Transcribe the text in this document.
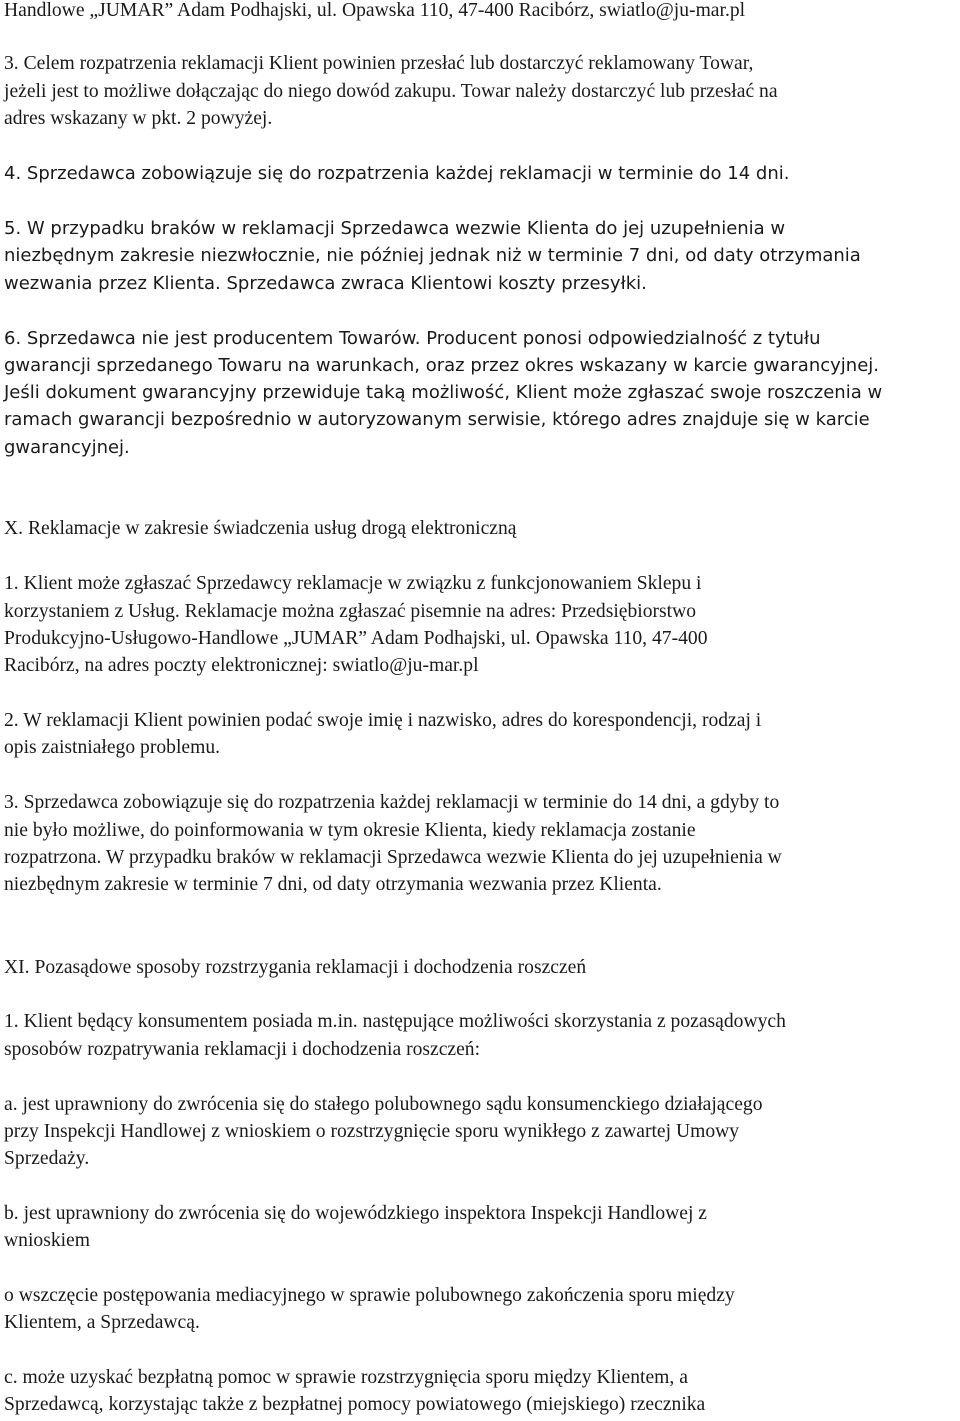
Handlowe „JUMAR” Adam Podhajski, ul. Opawska 110, 47-400 Racibórz, swiatlo@ju-mar.pl
3. Celem rozpatrzenia reklamacji Klient powinien przesłać lub dostarczyć reklamowany Towar,
jeżeli jest to możliwe dołączając do niego dowód zakupu. Towar należy dostarczyć lub przesłać na
adres wskazany w pkt. 2 powyżej.
4. Sprzedawca zobowiązuje się do rozpatrzenia każdej reklamacji w terminie do 14 dni.
5. W przypadku braków w reklamacji Sprzedawca wezwie Klienta do jej uzupełnienia w
niezbędnym zakresie niezwłocznie, nie później jednak niż w terminie 7 dni, od daty otrzymania
wezwania przez Klienta. Sprzedawca zwraca Klientowi koszty przesyłki.
6. Sprzedawca nie jest producentem Towarów. Producent ponosi odpowiedzialność z tytułu
gwarancji sprzedanego Towaru na warunkach, oraz przez okres wskazany w karcie gwarancyjnej.
Jeśli dokument gwarancyjny przewiduje taką możliwość, Klient może zgłaszać swoje roszczenia w
ramach gwarancji bezpośrednio w autoryzowanym serwisie, którego adres znajduje się w karcie
gwarancyjnej.
X. Reklamacje w zakresie świadczenia usług drogą elektroniczną
1. Klient może zgłaszać Sprzedawcy reklamacje w związku z funkcjonowaniem Sklepu i
korzystaniem z Usług. Reklamacje można zgłaszać pisemnie na adres: Przedsiębiorstwo
Produkcyjno-Usługowo-Handlowe „JUMAR” Adam Podhajski, ul. Opawska 110, 47-400
Racibórz, na adres poczty elektronicznej: swiatlo@ju-mar.pl
2. W reklamacji Klient powinien podać swoje imię i nazwisko, adres do korespondencji, rodzaj i
opis zaistniałego problemu.
3. Sprzedawca zobowiązuje się do rozpatrzenia każdej reklamacji w terminie do 14 dni, a gdyby to
nie było możliwe, do poinformowania w tym okresie Klienta, kiedy reklamacja zostanie
rozpatrzona. W przypadku braków w reklamacji Sprzedawca wezwie Klienta do jej uzupełnienia w
niezbędnym zakresie w terminie 7 dni, od daty otrzymania wezwania przez Klienta.
XI. Pozasądowe sposoby rozstrzygania reklamacji i dochodzenia roszczeń
1. Klient będący konsumentem posiada m.in. następujące możliwości skorzystania z pozasądowych
sposobów rozpatrywania reklamacji i dochodzenia roszczeń:
a. jest uprawniony do zwrócenia się do stałego polubownego sądu konsumenckiego działającego
przy Inspekcji Handlowej z wnioskiem o rozstrzygnięcie sporu wynikłego z zawartej Umowy
Sprzedaży.
b. jest uprawniony do zwrócenia się do wojewódzkiego inspektora Inspekcji Handlowej z
wnioskiem
o wszczęcie postępowania mediacyjnego w sprawie polubownego zakończenia sporu między
Klientem, a Sprzedawcą.
c. może uzyskać bezpłatną pomoc w sprawie rozstrzygnięcia sporu między Klientem, a
Sprzedawcą, korzystając także z bezpłatnej pomocy powiatowego (miejskiego) rzecznika
